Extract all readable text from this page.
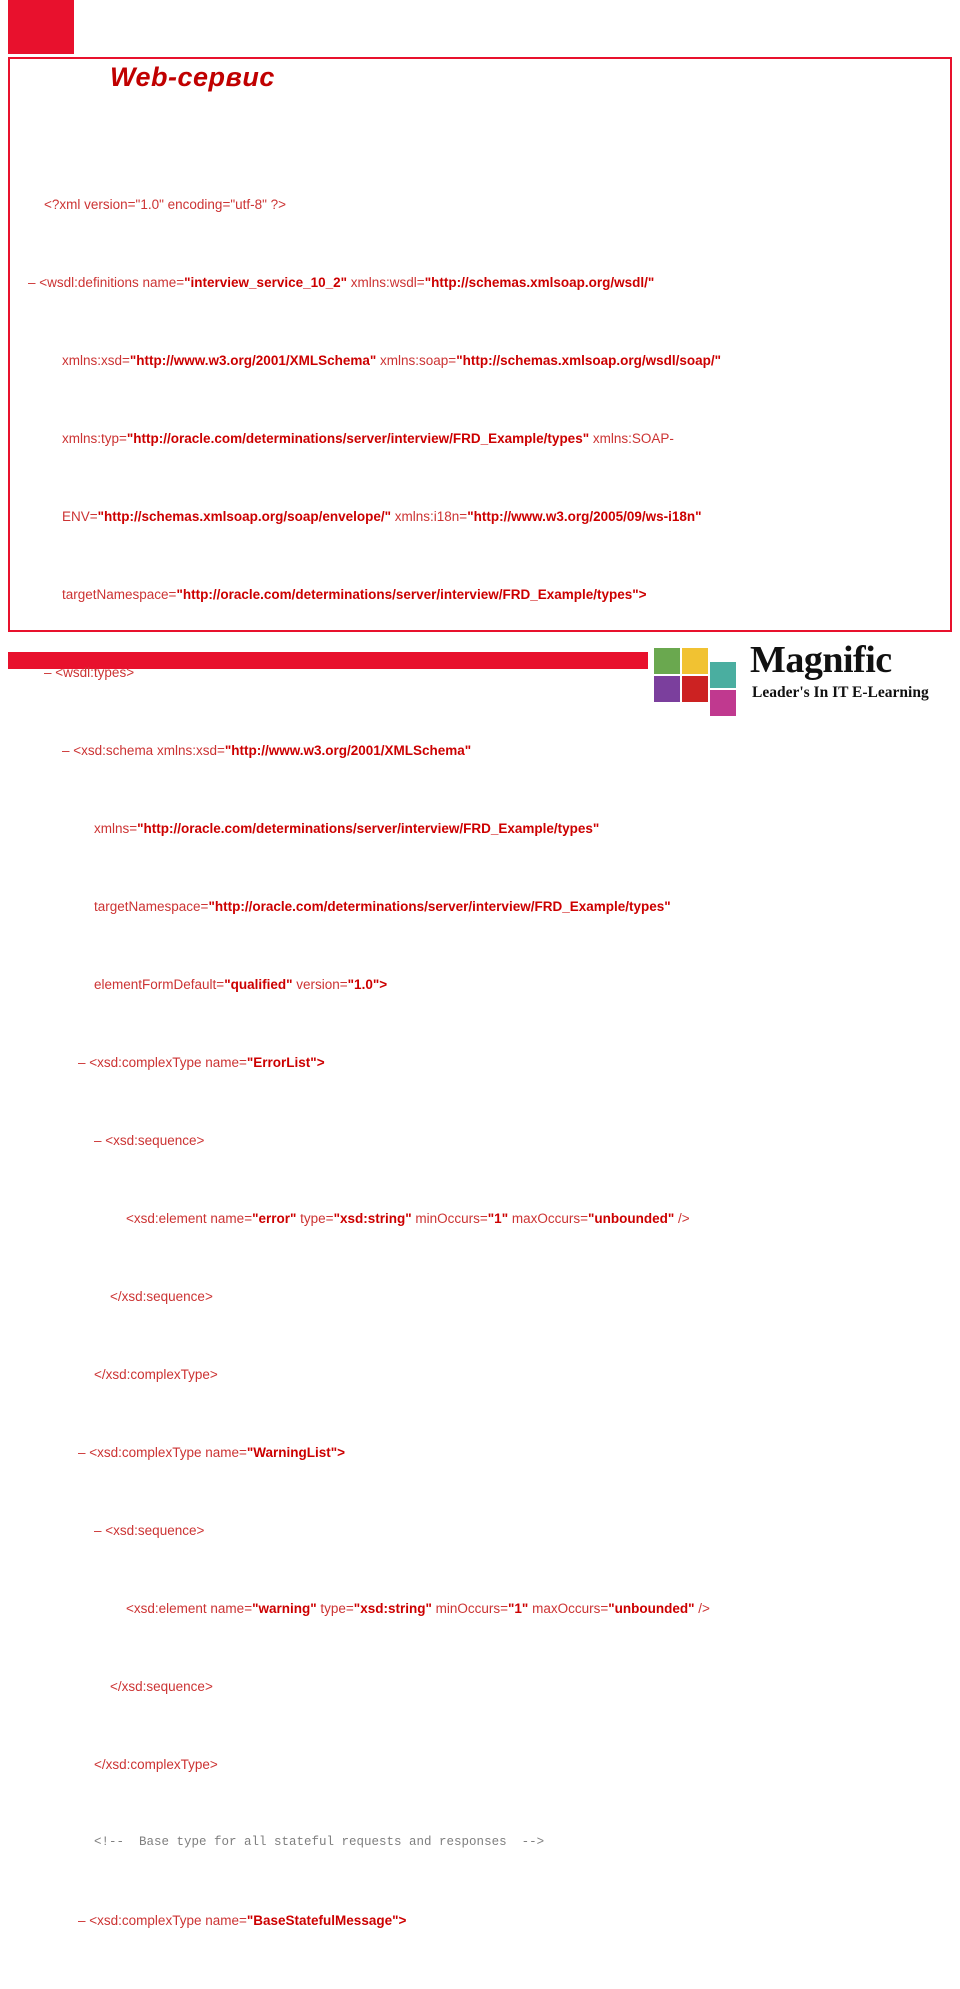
Web-сервис

<?xml version="1.0" encoding="utf-8" ?>

– <wsdl:definitions name="interview_service_10_2" xmlns:wsdl="http://schemas.xmlsoap.org/wsdl/"

xmlns:xsd="http://www.w3.org/2001/XMLSchema" xmlns:soap="http://schemas.xmlsoap.org/wsdl/soap/"

xmlns:typ="http://oracle.com/determinations/server/interview/FRD_Example/types" xmlns:SOAP-

ENV="http://schemas.xmlsoap.org/soap/envelope/" xmlns:i18n="http://www.w3.org/2005/09/ws-i18n"

targetNamespace="http://oracle.com/determinations/server/interview/FRD_Example/types">

– <wsdl:types>

– <xsd:schema xmlns:xsd="http://www.w3.org/2001/XMLSchema"

xmlns="http://oracle.com/determinations/server/interview/FRD_Example/types"

targetNamespace="http://oracle.com/determinations/server/interview/FRD_Example/types"

elementFormDefault="qualified" version="1.0">

– <xsd:complexType name="ErrorList">

– <xsd:sequence>

<xsd:element name="error" type="xsd:string" minOccurs="1" maxOccurs="unbounded" />

</xsd:sequence>

</xsd:complexType>

– <xsd:complexType name="WarningList">

– <xsd:sequence>

<xsd:element name="warning" type="xsd:string" minOccurs="1" maxOccurs="unbounded" />

</xsd:sequence>

</xsd:complexType>

<!--  Base type for all stateful requests and responses  -->

– <xsd:complexType name="BaseStatefulMessage">

Magnific
Leader's In IT E-Learning
